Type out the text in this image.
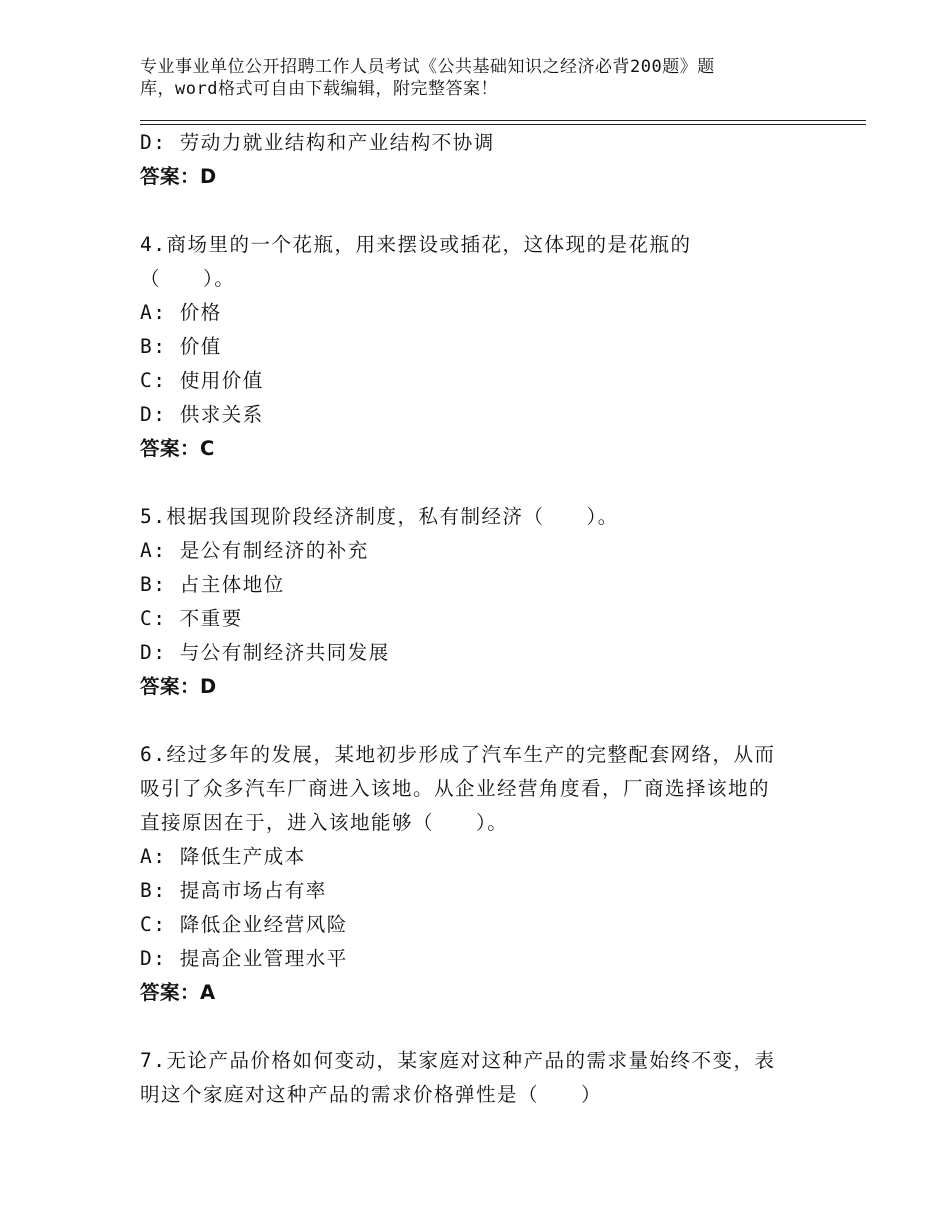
专业事业单位公开招聘工作人员考试《公共基础知识之经济必背200题》题
库，word格式可自由下载编辑，附完整答案！
D: 劳动力就业结构和产业结构不协调
答案：D
4.商场里的一个花瓶，用来摆设或插花，这体现的是花瓶的
（　　）。
A: 价格
B: 价值
C: 使用价值
D: 供求关系
答案：C
5.根据我国现阶段经济制度，私有制经济（　　）。
A: 是公有制经济的补充
B: 占主体地位
C: 不重要
D: 与公有制经济共同发展
答案：D
6.经过多年的发展，某地初步形成了汽车生产的完整配套网络，从而
吸引了众多汽车厂商进入该地。从企业经营角度看，厂商选择该地的
直接原因在于，进入该地能够（　　）。
A: 降低生产成本
B: 提高市场占有率
C: 降低企业经营风险
D: 提高企业管理水平
答案：A
7.无论产品价格如何变动，某家庭对这种产品的需求量始终不变，表
明这个家庭对这种产品的需求价格弹性是（　　）
